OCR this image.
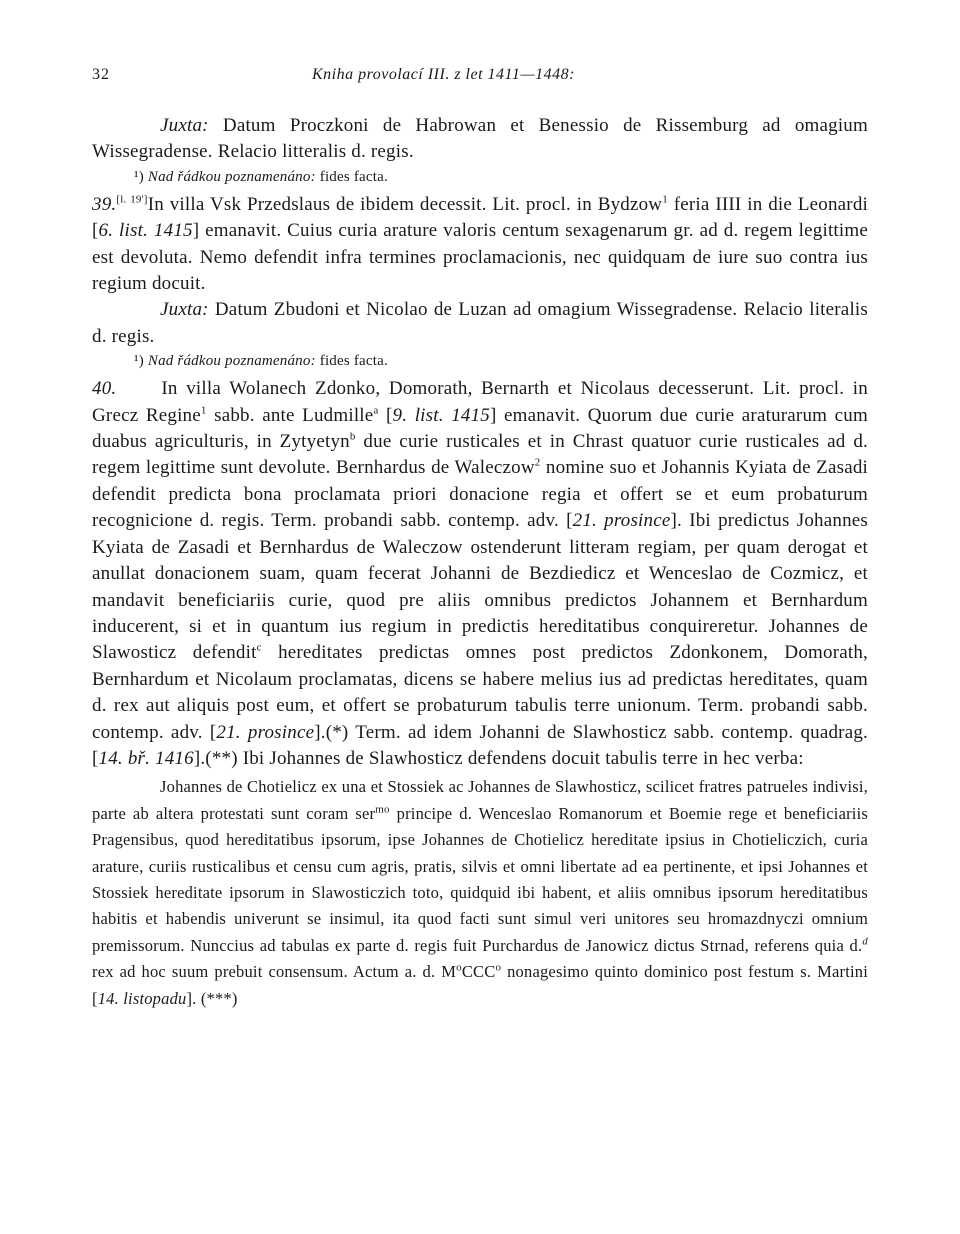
32	Kniha provolací III. z let 1411—1448:

Juxta: Datum Proczkoni de Habrowan et Benessio de Rissemburg ad omagium Wissegradense. Relacio litteralis d. regis.

¹) Nad řádkou poznamenáno: fides facta.

39.[l. 19']In villa Vsk Przedslaus de ibidem decessit. Lit. procl. in Bydzow$^1$ feria IIII in die Leonardi [6. list. 1415] emanavit. Cuius curia arature valoris centum sexagenarum gr. ad d. regem legittime est devoluta. Nemo defendit infra termines proclamacionis, nec quidquam de iure suo contra ius regium docuit.

Juxta: Datum Zbudoni et Nicolao de Luzan ad omagium Wissegradense. Relacio literalis d. regis.

¹) Nad řádkou poznamenáno: fides facta.

40. In villa Wolanech Zdonko, Domorath, Bernarth et Nicolaus decesserunt. Lit. procl. in Grecz Regine$^1$ sabb. ante Ludmille$^a$ [9. list. 1415] emanavit. Quorum due curie araturarum cum duabus agriculturis, in Zytyetyn$^b$ due curie rusticales et in Chrast quatuor curie rusticales ad d. regem legittime sunt devolute. Bernhardus de Waleczow$^2$ nomine suo et Johannis Kyiata de Zasadi defendit predicta bona proclamata priori donacione regia et offert se et eum probaturum recognicione d. regis. Term. probandi sabb. contemp. adv. [21. prosince]. Ibi predictus Johannes Kyiata de Zasadi et Bernhardus de Waleczow ostenderunt litteram regiam, per quam derogat et anullat donacionem suam, quam fecerat Johanni de Bezdiedicz et Wenceslao de Cozmicz, et mandavit beneficiariis curie, quod pre aliis omnibus predictos Johannem et Bernhardum inducerent, si et in quantum ius regium in predictis hereditatibus conquireretur. Johannes de Slawosticz defendit$^c$ hereditates predictas omnes post predictos Zdonkonem, Domorath, Bernhardum et Nicolaum proclamatas, dicens se habere melius ius ad predictas hereditates, quam d. rex aut aliquis post eum, et offert se probaturum tabulis terre unionum. Term. probandi sabb. contemp. adv. [21. prosince].(*) Term. ad idem Johanni de Slawhosticz sabb. contemp. quadrag. [14. bř. 1416].(**) Ibi Johannes de Slawhosticz defendens docuit tabulis terre in hec verba:

Johannes de Chotielicz ex una et Stossiek ac Johannes de Slawhosticz, scilicet fratres patrueles indivisi, parte ab altera protestati sunt coram ser$^{mo}$ principe d. Wenceslao Romanorum et Boemie rege et beneficiariis Pragensibus, quod hereditatibus ipsorum, ipse Johannes de Chotielicz hereditate ipsius in Chotieliczich, curia arature, curiis rusticalibus et censu cum agris, pratis, silvis et omni libertate ad ea pertinente, et ipsi Johannes et Stossiek hereditate ipsorum in Slawosticzich toto, quidquid ibi habent, et aliis omnibus ipsorum hereditatibus habitis et habendis univerunt se insimul, ita quod facti sunt simul veri unitores seu hromazdnyczi omnium premissorum. Nunccius ad tabulas ex parte d. regis fuit Purchardus de Janowicz dictus Strnad, referens quia d.$^d$ rex ad hoc suum prebuit consensum. Actum a. d. $M^oCCC^o$ nonagesimo quinto dominico post festum s. Martini [14. listopadu]. (***)
